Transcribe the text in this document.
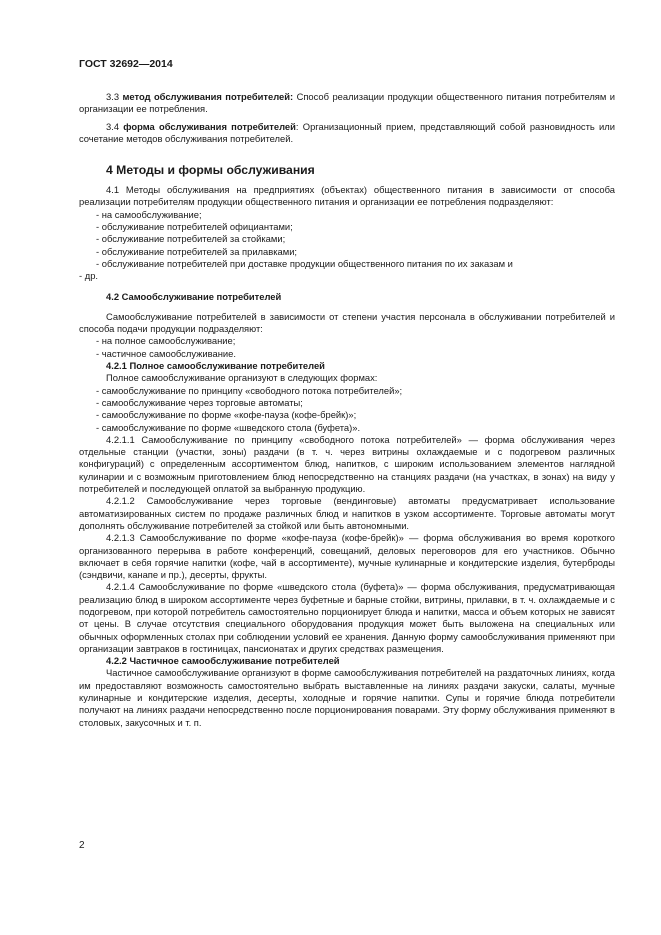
ГОСТ 32692—2014

3.3 метод обслуживания потребителей: Способ реализации продукции общественного питания потребителям и организации ее потребления.

3.4 форма обслуживания потребителей: Организационный прием, представляющий собой разновидность или сочетание методов обслуживания потребителей.

4 Методы и формы обслуживания

4.1 Методы обслуживания на предприятиях (объектах) общественного питания в зависимости от способа реализации потребителям продукции общественного питания и организации ее потребления подразделяют:

- на самообслуживание;

- обслуживание потребителей официантами;

- обслуживание потребителей за стойками;

- обслуживание потребителей за прилавками;

- обслуживание потребителей при доставке продукции общественного питания по их заказам и

- др.

4.2 Самообслуживание потребителей

Самообслуживание потребителей в зависимости от степени участия персонала в обслуживании потребителей и способа подачи продукции подразделяют:

- на полное самообслуживание;

- частичное самообслуживание.

4.2.1 Полное самообслуживание потребителей

Полное самообслуживание организуют в следующих формах:

- самообслуживание по принципу «свободного потока потребителей»;

- самообслуживание через торговые автоматы;

- самообслуживание по форме «кофе-пауза (кофе-брейк)»;

- самообслуживание по форме «шведского стола (буфета)».

4.2.1.1 Самообслуживание по принципу «свободного потока потребителей» — форма обслуживания через отдельные станции (участки, зоны) раздачи (в т. ч. через витрины охлаждаемые и с подогревом различных конфигураций) с определенным ассортиментом блюд, напитков, с широким использованием элементов наглядной кулинарии и с возможным приготовлением блюд непосредственно на станциях раздачи (на участках, в зонах) на виду у потребителей и последующей оплатой за выбранную продукцию.

4.2.1.2 Самообслуживание через торговые (вендинговые) автоматы предусматривает использование автоматизированных систем по продаже различных блюд и напитков в узком ассортименте. Торговые автоматы могут дополнять обслуживание потребителей за стойкой или быть автономными.

4.2.1.3 Самообслуживание по форме «кофе-пауза (кофе-брейк)» — форма обслуживания во время короткого организованного перерыва в работе конференций, совещаний, деловых переговоров для его участников. Обычно включает в себя горячие напитки (кофе, чай в ассортименте), мучные кулинарные и кондитерские изделия, бутерброды (сэндвичи, канапе и пр.), десерты, фрукты.

4.2.1.4 Самообслуживание по форме «шведского стола (буфета)» — форма обслуживания, предусматривающая реализацию блюд в широком ассортименте через буфетные и барные стойки, витрины, прилавки, в т. ч. охлаждаемые и с подогревом, при которой потребитель самостоятельно порционирует блюда и напитки, масса и объем которых не зависят от цены. В случае отсутствия специального оборудования продукция может быть выложена на специальных или обычных оформленных столах при соблюдении условий ее хранения. Данную форму самообслуживания применяют при организации завтраков в гостиницах, пансионатах и других средствах размещения.

4.2.2 Частичное самообслуживание потребителей

Частичное самообслуживание организуют в форме самообслуживания потребителей на раздаточных линиях, когда им предоставляют возможность самостоятельно выбрать выставленные на линиях раздачи закуски, салаты, мучные кулинарные и кондитерские изделия, десерты, холодные и горячие напитки. Супы и горячие блюда потребители получают на линиях раздачи непосредственно после порционирования поварами. Эту форму обслуживания применяют в столовых, закусочных и т. п.

2
